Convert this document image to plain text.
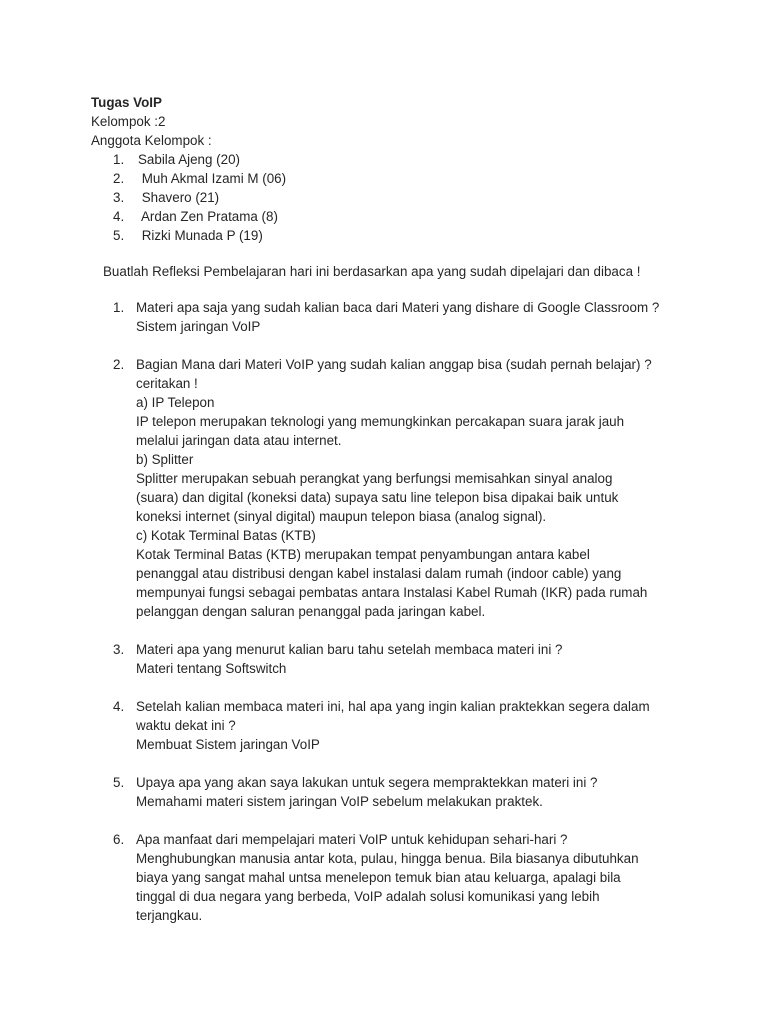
Tugas VoIP
Kelompok :2
Anggota Kelompok :
1. Sabila Ajeng (20)
2. Muh Akmal Izami M (06)
3. Shavero (21)
4. Ardan Zen Pratama (8)
5. Rizki Munada P (19)
Buatlah Refleksi Pembelajaran hari ini berdasarkan apa yang sudah dipelajari dan dibaca !
1. Materi apa saja yang sudah kalian baca dari Materi yang dishare di Google Classroom ?
Sistem jaringan VoIP
2. Bagian Mana dari Materi VoIP yang sudah kalian anggap bisa (sudah pernah belajar) ?
ceritakan !
a) IP Telepon
IP telepon merupakan teknologi yang memungkinkan percakapan suara jarak jauh
melalui jaringan data atau internet.
b) Splitter
Splitter merupakan sebuah perangkat yang berfungsi memisahkan sinyal analog
(suara) dan digital (koneksi data) supaya satu line telepon bisa dipakai baik untuk
koneksi internet (sinyal digital) maupun telepon biasa (analog signal).
c) Kotak Terminal Batas (KTB)
Kotak Terminal Batas (KTB) merupakan tempat penyambungan antara kabel
penanggal atau distribusi dengan kabel instalasi dalam rumah (indoor cable) yang
mempunyai fungsi sebagai pembatas antara Instalasi Kabel Rumah (IKR) pada rumah
pelanggan dengan saluran penanggal pada jaringan kabel.
3. Materi apa yang menurut kalian baru tahu setelah membaca materi ini ?
Materi tentang Softswitch
4. Setelah kalian membaca materi ini, hal apa yang ingin kalian praktekkan segera dalam
waktu dekat ini ?
Membuat Sistem jaringan VoIP
5. Upaya apa yang akan saya lakukan untuk segera mempraktekkan materi ini ?
Memahami materi sistem jaringan VoIP sebelum melakukan praktek.
6. Apa manfaat dari mempelajari materi VoIP untuk kehidupan sehari-hari ?
Menghubungkan manusia antar kota, pulau, hingga benua. Bila biasanya dibutuhkan
biaya yang sangat mahal untsa menelepon temuk bian atau keluarga, apalagi bila
tinggal di dua negara yang berbeda, VoIP adalah solusi komunikasi yang lebih
terjangkau.
